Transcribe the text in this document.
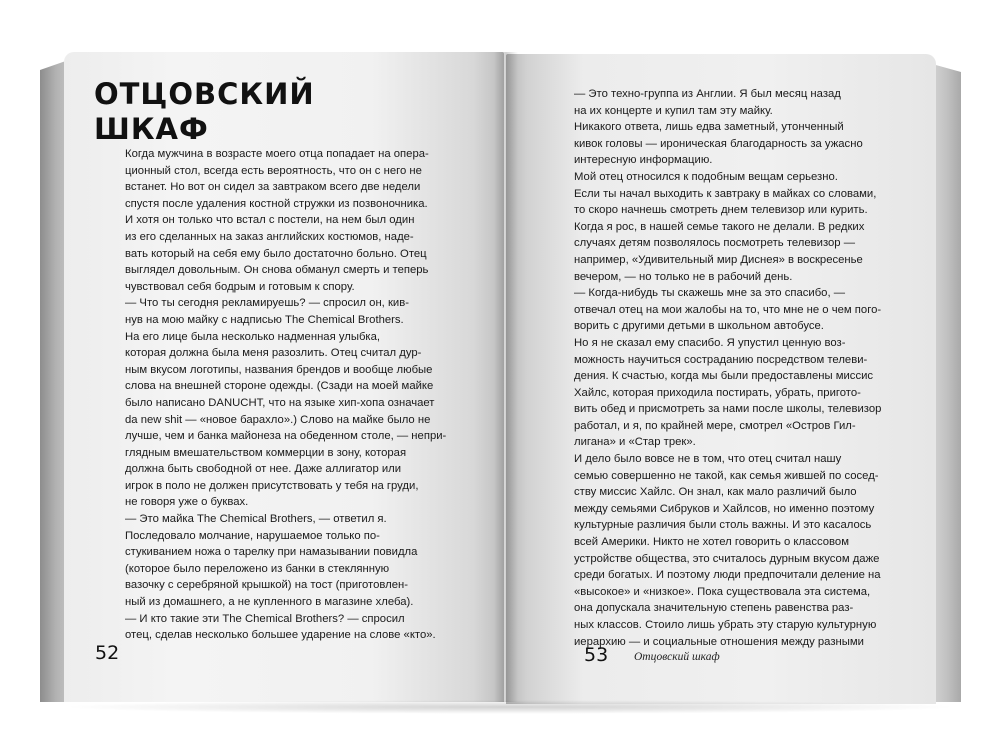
ОТЦОВСКИЙ
ШКАФ
Когда мужчина в возрасте моего отца попадает на опера-
ционный стол, всегда есть вероятность, что он с него не
встанет. Но вот он сидел за завтраком всего две недели
спустя после удаления костной стружки из позвоночника.
И хотя он только что встал с постели, на нем был один
из его сделанных на заказ английских костюмов, наде-
вать который на себя ему было достаточно больно. Отец
выглядел довольным. Он снова обманул смерть и теперь
чувствовал себя бодрым и готовым к спору.
— Что ты сегодня рекламируешь? — спросил он, кив-
нув на мою майку с надписью The Chemical Brothers.
На его лице была несколько надменная улыбка,
которая должна была меня разозлить. Отец считал дур-
ным вкусом логотипы, названия брендов и вообще любые
слова на внешней стороне одежды. (Сзади на моей майке
было написано DANUCHT, что на языке хип-хопа означает
da new shit — «новое барахло».) Слово на майке было не
лучше, чем и банка майонеза на обеденном столе, — непри-
глядным вмешательством коммерции в зону, которая
должна быть свободной от нее. Даже аллигатор или
игрок в поло не должен присутствовать у тебя на груди,
не говоря уже о буквах.
— Это майка The Chemical Brothers, — ответил я.
Последовало молчание, нарушаемое только по-
стукиванием ножа о тарелку при намазывании повидла
(которое было переложено из банки в стеклянную
вазочку с серебряной крышкой) на тост (приготовлен-
ный из домашнего, а не купленного в магазине хлеба).
— И кто такие эти The Chemical Brothers? — спросил
отец, сделав несколько большее ударение на слове «кто».
52
— Это техно-группа из Англии. Я был месяц назад
на их концерте и купил там эту майку.
Никакого ответа, лишь едва заметный, утонченный
кивок головы — ироническая благодарность за ужасно
интересную информацию.
Мой отец относился к подобным вещам серьезно.
Если ты начал выходить к завтраку в майках со словами,
то скоро начнешь смотреть днем телевизор или курить.
Когда я рос, в нашей семье такого не делали. В редких
случаях детям позволялось посмотреть телевизор —
например, «Удивительный мир Диснея» в воскресенье
вечером, — но только не в рабочий день.
— Когда-нибудь ты скажешь мне за это спасибо, —
отвечал отец на мои жалобы на то, что мне не о чем пого-
ворить с другими детьми в школьном автобусе.
Но я не сказал ему спасибо. Я упустил ценную воз-
можность научиться состраданию посредством телеви-
дения. К счастью, когда мы были предоставлены миссис
Хайлс, которая приходила постирать, убрать, пригото-
вить обед и присмотреть за нами после школы, телевизор
работал, и я, по крайней мере, смотрел «Остров Гил-
лигана» и «Стар трек».
И дело было вовсе не в том, что отец считал нашу
семью совершенно не такой, как семья жившей по сосед-
ству миссис Хайлс. Он знал, как мало различий было
между семьями Сибруков и Хайлсов, но именно поэтому
культурные различия были столь важны. И это касалось
всей Америки. Никто не хотел говорить о классовом
устройстве общества, это считалось дурным вкусом даже
среди богатых. И поэтому люди предпочитали деление на
«высокое» и «низкое». Пока существовала эта система,
она допускала значительную степень равенства раз-
ных классов. Стоило лишь убрать эту старую культурную
иерархию — и социальные отношения между разными
53 Отцовский шкаф
